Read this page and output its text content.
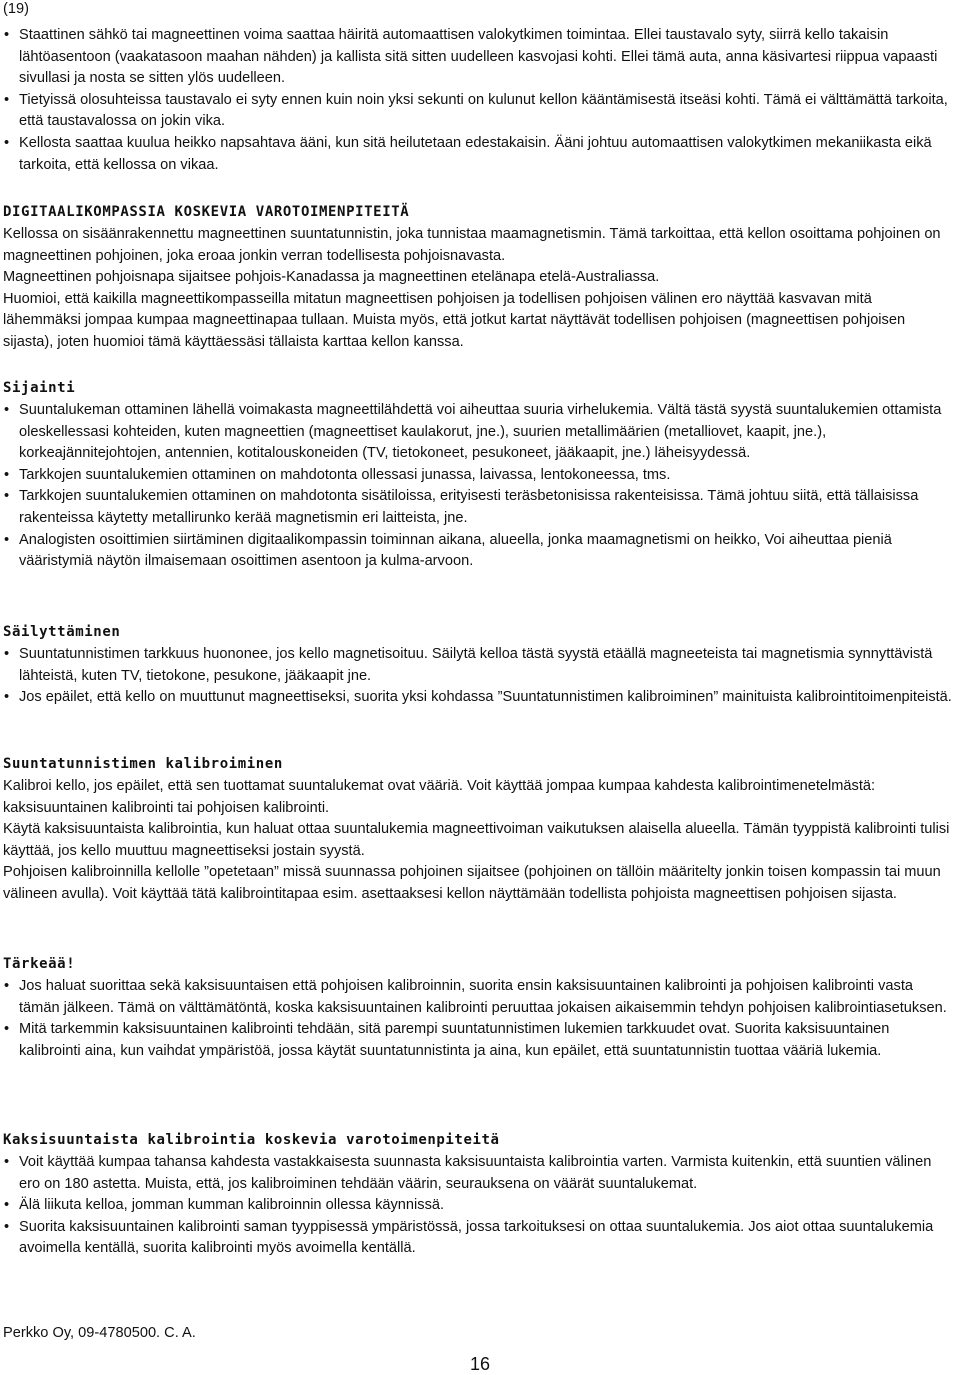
(19)
• Staattinen sähkö tai magneettinen voima saattaa häiritä automaattisen valokytkimen toimintaa. Ellei taustavalo syty, siirrä kello takaisin lähtöasentoon (vaakatasoon maahan nähden) ja kallista sitä sitten uudelleen kasvojasi kohti. Ellei tämä auta, anna käsivartesi riippua vapaasti sivullasi ja nosta se sitten ylös uudelleen.
• Tietyissä olosuhteissa taustavalo ei syty ennen kuin noin yksi sekunti on kulunut kellon kääntämisestä itseäsi kohti. Tämä ei välttämättä tarkoita, että taustavalossa on jokin vika.
• Kellosta saattaa kuulua heikko napsahtava ääni, kun sitä heilutetaan edestakaisin. Ääni johtuu automaattisen valokytkimen mekaniikasta eikä tarkoita, että kellossa on vikaa.
DIGITAALIKOMPASSIA KOSKEVIA VAROTOIMENPITEITÄ

Kellossa on sisäänrakennettu magneettinen suuntatunnistin, joka tunnistaa maamagnetismin. Tämä tarkoittaa, että kellon osoittama pohjoinen on magneettinen pohjoinen, joka eroaa jonkin verran todellisesta pohjoisnavasta.

Magneettinen pohjoisnapa sijaitsee pohjois-Kanadassa ja magneettinen etelänapa etelä-Australiassa.

Huomioi, että kaikilla magneettikompasseilla mitatun magneettisen pohjoisen ja todellisen pohjoisen välinen ero näyttää kasvavan mitä lähemmäksi jompaa kumpaa magneettinapaa tullaan. Muista myös, että jotkut kartat näyttävät todellisen pohjoisen (magneettisen pohjoisen sijasta), joten huomioi tämä käyttäessäsi tällaista karttaa kellon kanssa.

Sijainti
• Suuntalukeman ottaminen lähellä voimakasta magneettilähdettä voi aiheuttaa suuria virhelukemia. Vältä tästä syystä suuntalukemien ottamista oleskellessasi kohteiden, kuten magneettien (magneettiset kaulakorut, jne.), suurien metallimäärien (metalliovet, kaapit, jne.), korkeajännitejohtojen, antennien, kotitalouskoneiden (TV, tietokoneet, pesukoneet, jääkaapit, jne.) läheisyydessä.
• Tarkkojen suuntalukemien ottaminen on mahdotonta ollessasi junassa, laivassa, lentokoneessa, tms.
• Tarkkojen suuntalukemien ottaminen on mahdotonta sisätiloissa, erityisesti teräsbetonisissa rakenteisissa. Tämä johtuu siitä, että tällaisissa rakenteissa käytetty metallirunko kerää magnetismin eri laitteista, jne.
• Analogisten osoittimien siirtäminen digitaalikompassin toiminnan aikana, alueella, jonka maamagnetismi on heikko, Voi aiheuttaa pieniä vääristymiä näytön ilmaisemaan osoittimen asentoon ja kulma-arvoon.
Säilyttäminen
• Suuntatunnistimen tarkkuus huononee, jos kello magnetisoituu. Säilytä kelloa tästä syystä etäällä magneeteista tai magnetismia synnyttävistä lähteistä, kuten TV, tietokone, pesukone, jääkaapit jne.
• Jos epäilet, että kello on muuttunut magneettiseksi, suorita yksi kohdassa ”Suuntatunnistimen kalibroiminen” mainituista kalibrointitoimenpiteistä.
Suuntatunnistimen kalibroiminen

Kalibroi kello, jos epäilet, että sen tuottamat suuntalukemat ovat vääriä. Voit käyttää jompaa kumpaa kahdesta kalibrointimenetelmästä: kaksisuuntainen kalibrointi tai pohjoisen kalibrointi.

Käytä kaksisuuntaista kalibrointia, kun haluat ottaa suuntalukemia magneettivoiman vaikutuksen alaisella alueella. Tämän tyyppistä kalibrointi tulisi käyttää, jos kello muuttuu magneettiseksi jostain syystä.

Pohjoisen kalibroinnilla kellolle ”opetetaan” missä suunnassa pohjoinen sijaitsee (pohjoinen on tällöin määritelty jonkin toisen kompassin tai muun välineen avulla). Voit käyttää tätä kalibrointitapaa esim. asettaaksesi kellon näyttämään todellista pohjoista magneettisen pohjoisen sijasta.

Tärkeää!
• Jos haluat suorittaa sekä kaksisuuntaisen että pohjoisen kalibroinnin, suorita ensin kaksisuuntainen kalibrointi ja pohjoisen kalibrointi vasta tämän jälkeen. Tämä on välttämätöntä, koska kaksisuuntainen kalibrointi peruuttaa jokaisen aikaisemmin tehdyn pohjoisen kalibrointiasetuksen.
• Mitä tarkemmin kaksisuuntainen kalibrointi tehdään, sitä parempi suuntatunnistimen lukemien tarkkuudet ovat. Suorita kaksisuuntainen kalibrointi aina, kun vaihdat ympäristöä, jossa käytät suuntatunnistinta ja aina, kun epäilet, että suuntatunnistin tuottaa vääriä lukemia.
Kaksisuuntaista kalibrointia koskevia varotoimenpiteitä
• Voit käyttää kumpaa tahansa kahdesta vastakkaisesta suunnasta kaksisuuntaista kalibrointia varten. Varmista kuitenkin, että suuntien välinen ero on 180 astetta. Muista, että, jos kalibroiminen tehdään väärin, seurauksena on väärät suuntalukemat.
• Älä liikuta kelloa, jomman kumman kalibroinnin ollessa käynnissä.
• Suorita kaksisuuntainen kalibrointi saman tyyppisessä ympäristössä, jossa tarkoituksesi on ottaa suuntalukemia. Jos aiot ottaa suuntalukemia avoimella kentällä, suorita kalibrointi myös avoimella kentällä.
Perkko Oy, 09-4780500. C. A.
16
